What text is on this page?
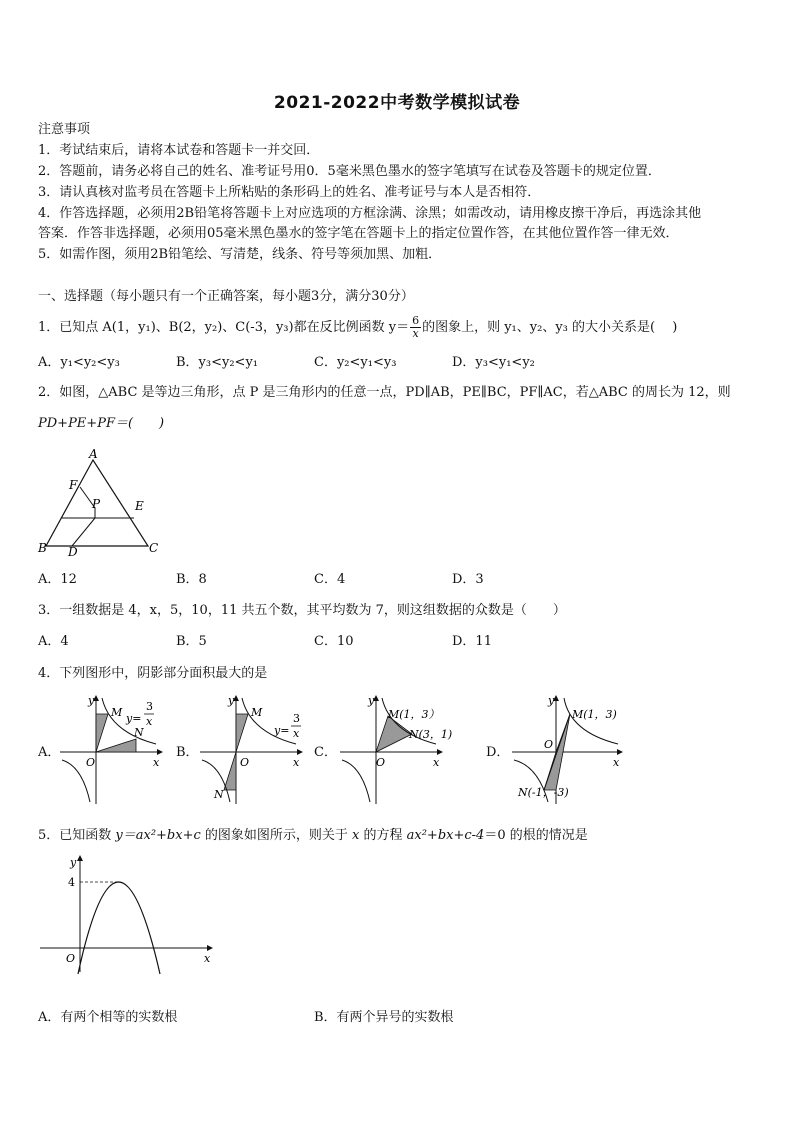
2021-2022中考数学模拟试卷
注意事项
1．考试结束后，请将本试卷和答题卡一并交回．
2．答题前，请务必将自己的姓名、准考证号用0．5毫米黑色墨水的签字笔填写在试卷及答题卡的规定位置．
3．请认真核对监考员在答题卡上所粘贴的条形码上的姓名、准考证号与本人是否相符．
4．作答选择题，必须用2B铅笔将答题卡上对应选项的方框涂满、涂黑；如需改动，请用橡皮擦干净后，再选涂其他
答案．作答非选择题，必须用05毫米黑色墨水的签字笔在答题卡上的指定位置作答，在其他位置作答一律无效．
5．如需作图，须用2B铅笔绘、写清楚，线条、符号等须加黑、加粗．
一、选择题（每小题只有一个正确答案，每小题3分，满分30分）
1．已知点 A(1，y₁)、B(2，y₂)、C(-3，y₃)都在反比例函数 $y= \frac{6}{x}$ 的图象上，则 y₁、y₂、y₃ 的大小关系是(　 )
A．y₁<y₂<y₃	B．y₃<y₂<y₁	C．y₂<y₁<y₃	D．y₃<y₁<y₂
2．如图，△ABC 是等边三角形，点 P 是三角形内的任意一点，PD∥AB，PE∥BC，PF∥AC，若△ABC 的周长为 12，则
PD+PE+PF＝(　　)
A
B	C
D
E
F
P
A．12	B．8	C．4	D．3
3．一组数据是 4，x，5，10，11 共五个数，其平均数为 7，则这组数据的众数是（　　）
A．4	B．5	C．10	D．11
4．下列图形中，阴影部分面积最大的是
A．	B．	C．	D．
y
x
O
M
N
y=
3
x
y
x
O
M
N
y=
3
x
y
x
O
M(1，3）
N(3，1)
y
x
O
M(1，3)
N(-1，-3)
5．已知函数 y＝ax²+bx+c 的图象如图所示，则关于 x 的方程 ax²+bx+c-4＝0 的根的情况是
y
x
O
4
A．有两个相等的实数根	B．有两个异号的实数根
